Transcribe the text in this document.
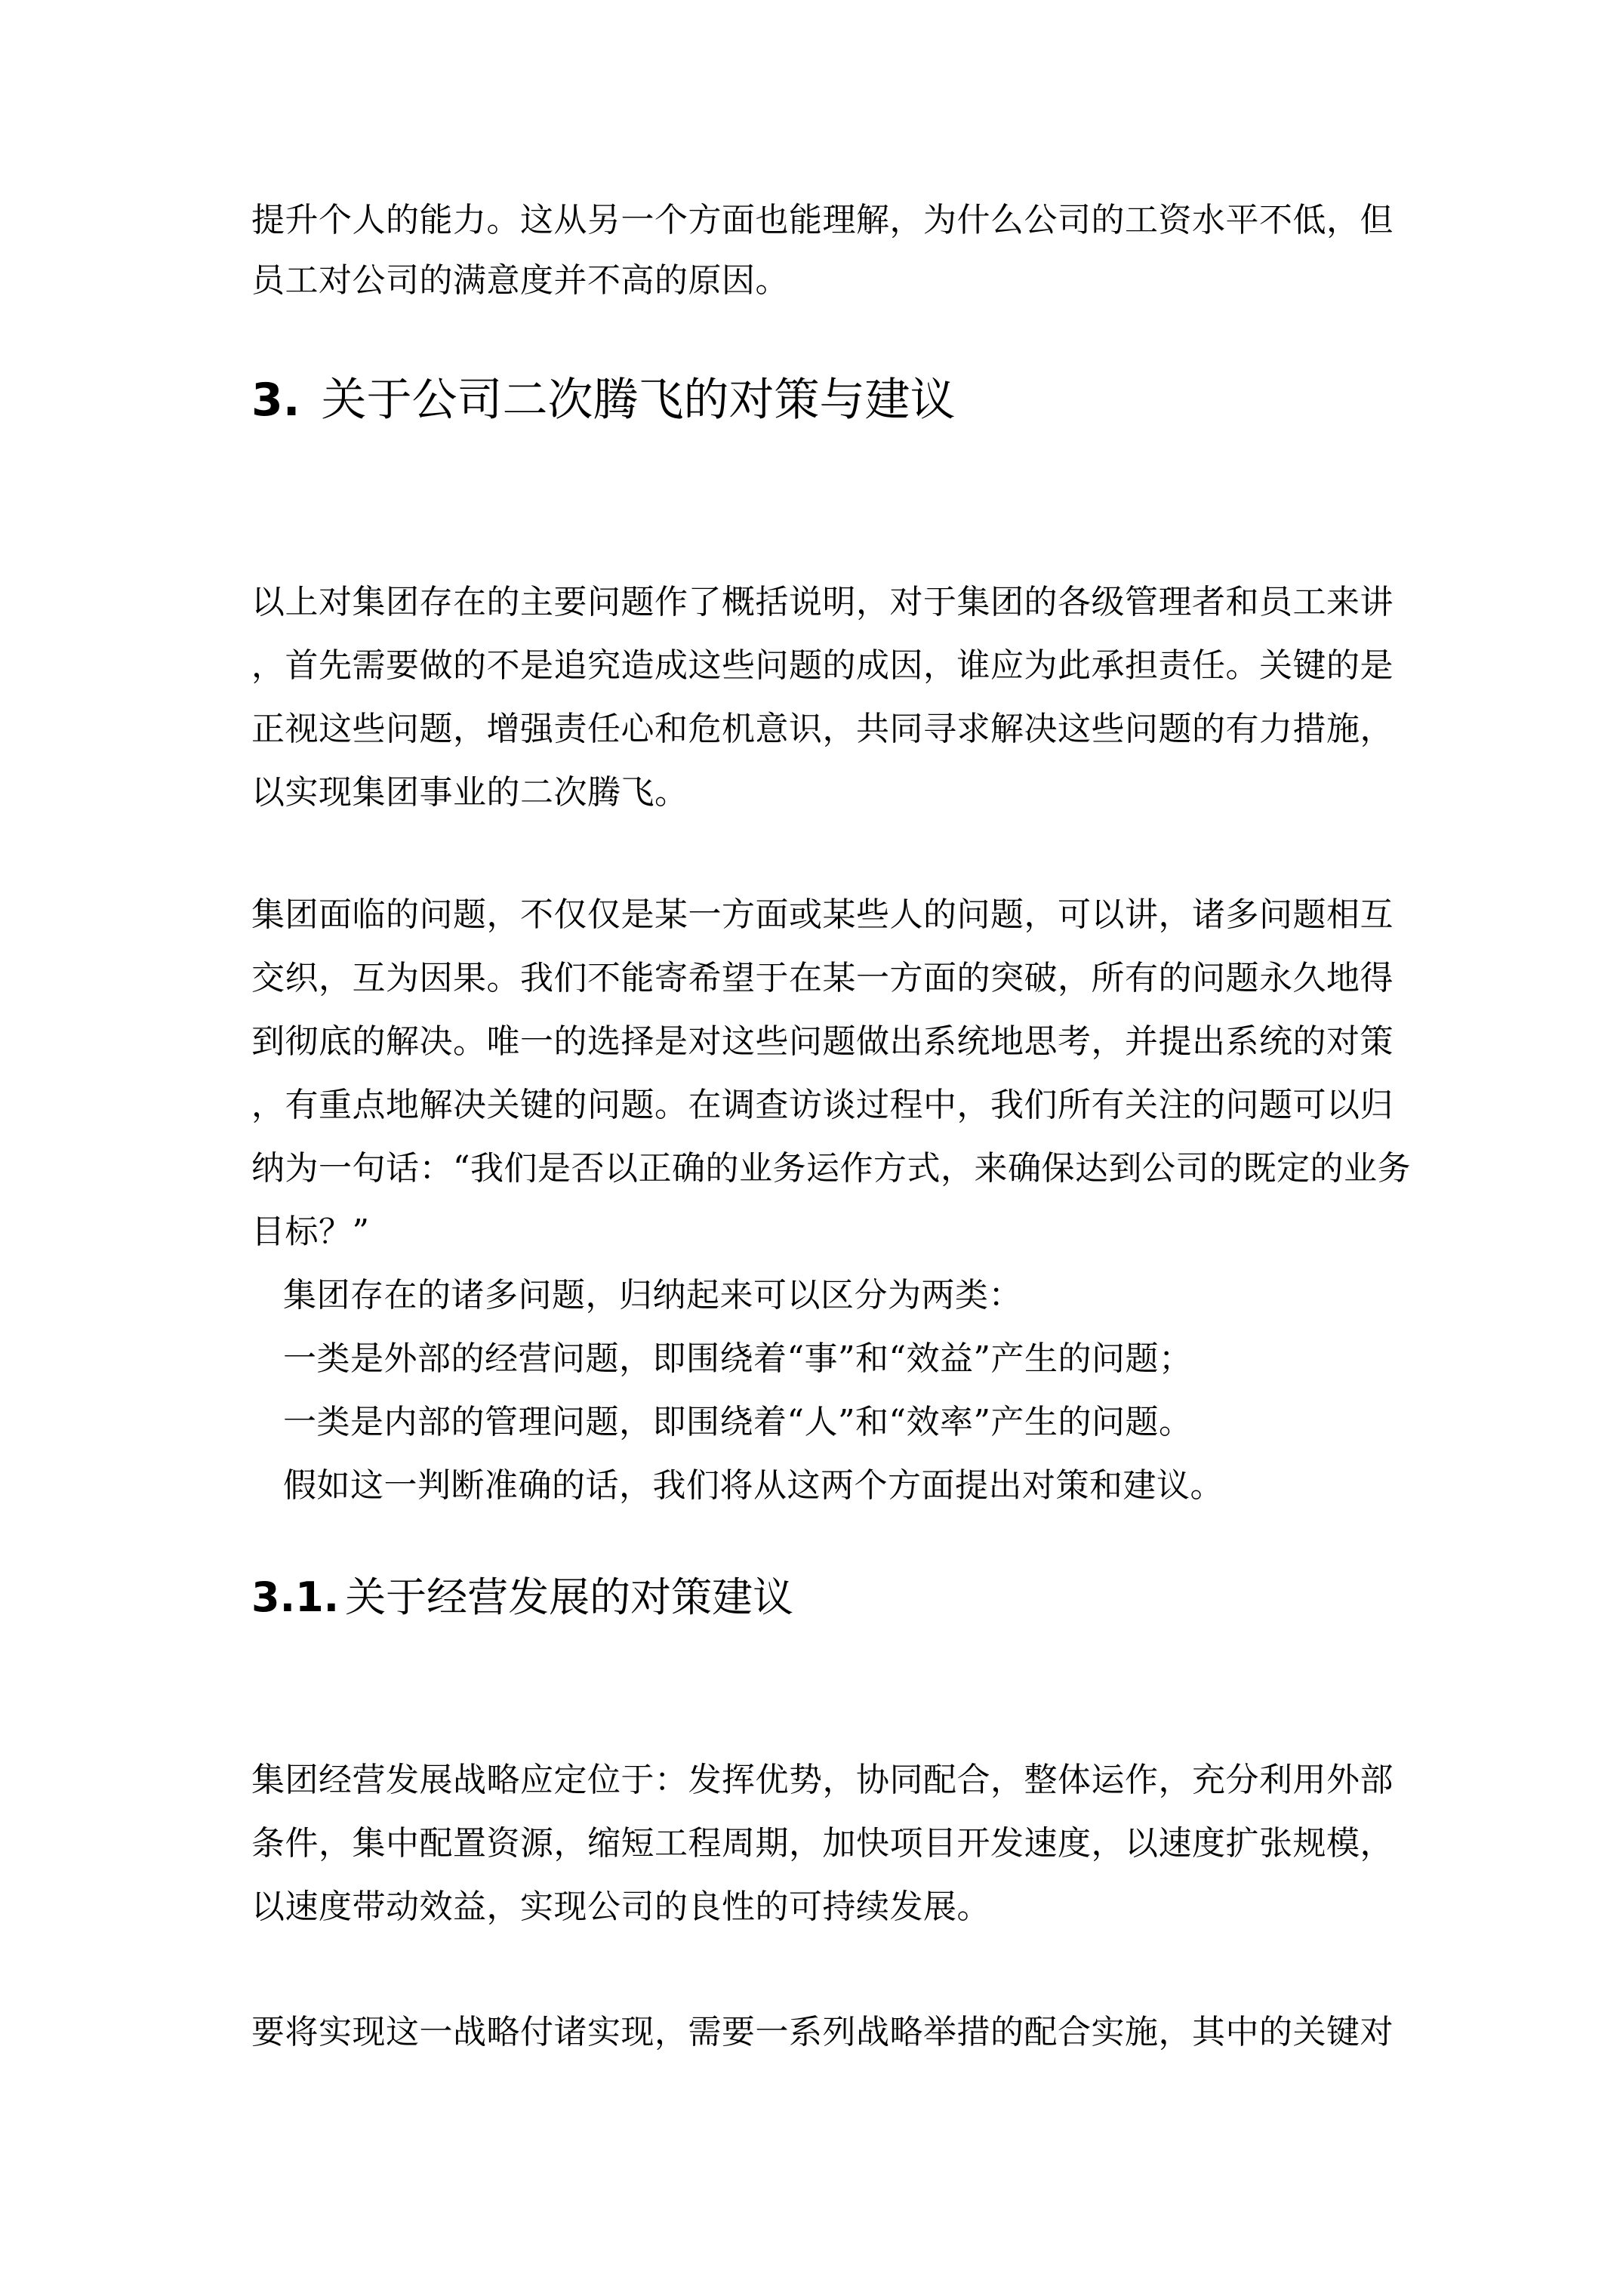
提升个人的能力。这从另一个方面也能理解，为什么公司的工资水平不低，但
员工对公司的满意度并不高的原因。
3. 关于公司二次腾飞的对策与建议
以上对集团存在的主要问题作了概括说明，对于集团的各级管理者和员工来讲
，首先需要做的不是追究造成这些问题的成因，谁应为此承担责任。关键的是
正视这些问题，增强责任心和危机意识，共同寻求解决这些问题的有力措施，
以实现集团事业的二次腾飞。
集团面临的问题，不仅仅是某一方面或某些人的问题，可以讲，诸多问题相互
交织，互为因果。我们不能寄希望于在某一方面的突破，所有的问题永久地得
到彻底的解决。唯一的选择是对这些问题做出系统地思考，并提出系统的对策
，有重点地解决关键的问题。在调查访谈过程中，我们所有关注的问题可以归
纳为一句话：“我们是否以正确的业务运作方式，来确保达到公司的既定的业务
目标？”
集团存在的诸多问题，归纳起来可以区分为两类：
一类是外部的经营问题，即围绕着“事”和“效益”产生的问题；
一类是内部的管理问题，即围绕着“人”和“效率”产生的问题。
假如这一判断准确的话，我们将从这两个方面提出对策和建议。
3.1. 关于经营发展的对策建议
集团经营发展战略应定位于：发挥优势，协同配合，整体运作，充分利用外部
条件，集中配置资源，缩短工程周期，加快项目开发速度，以速度扩张规模，
以速度带动效益，实现公司的良性的可持续发展。
要将实现这一战略付诸实现，需要一系列战略举措的配合实施，其中的关键对
